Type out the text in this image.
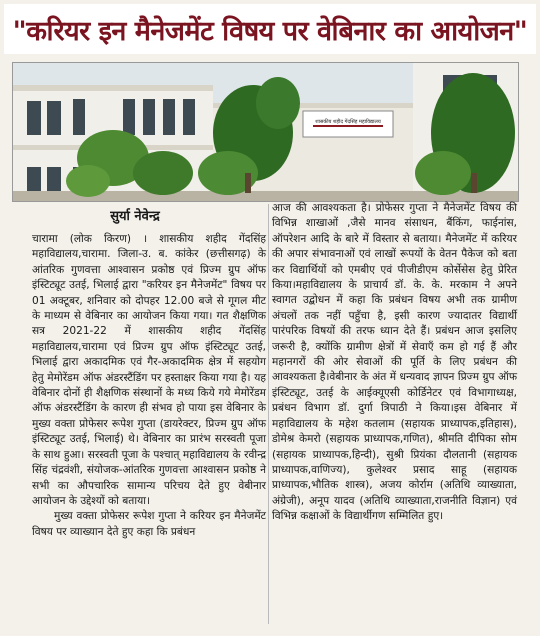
"करियर इन मैनेजमेंट विषय पर वेबिनार का आयोजन"
शासकीय शहीद गेंदसिंह महाविद्यालय
सुर्या नेवेन्द्र

चारामा (लोक किरण) । शासकीय शहीद गेंदसिंह महाविद्यालय,चारामा. जिला-उ. ब. कांकेर (छत्तीसगढ़) के आंतरिक गुणवत्ता आश्वासन प्रकोष्ठ एवं प्रिज्म ग्रुप ऑफ इंस्टिट्यूट उतई, भिलाई द्वारा "करियर इन मैनेजमेंट" विषय पर 01 अक्टूबर, शनिवार को दोपहर 12.00 बजे से गूगल मीट के माध्यम से वेबिनार का आयोजन किया गया। गत शैक्षणिक सत्र 2021-22 में शासकीय शहीद गेंदसिंह महाविद्यालय,चारामा एवं प्रिज्म ग्रुप ऑफ इंस्टिट्यूट उतई, भिलाई द्वारा अकादमिक एवं गैर-अकादमिक क्षेत्र में सहयोग हेतु मेमोरेंडम ऑफ अंडरस्टैंडिंग पर हस्ताक्षर किया गया है। यह वेबिनार दोनों ही शैक्षणिक संस्थानों के मध्य किये गये मेमोरेंडम ऑफ अंडरस्टैंडिंग के कारण ही संभव हो पाया इस वेबिनार के मुख्य वक्ता प्रोफेसर रूपेश गुप्ता (डायरेक्टर, प्रिज्म ग्रुप ऑफ इंस्टिट्यूट उतई, भिलाई) थे। वेबिनार का प्रारंभ सरस्वती पूजा के साथ हुआ। सरस्वती पूजा के पश्चात् महाविद्यालय के रवीन्द्र सिंह चंद्रवंशी, संयोजक-आंतरिक गुणवत्ता आश्वासन प्रकोष्ठ ने सभी का औपचारिक सामान्य परिचय देते हुए वेबीनार आयोजन के उद्देश्यों को बताया।

मुख्य वक्ता प्रोफेसर रूपेश गुप्ता ने करियर इन मैनेजमेंट विषय पर व्याख्यान देते हुए कहा कि प्रबंधन

आज की आवश्यकता है। प्रोफेसर गुप्ता ने मैनेजमेंट विषय की विभिन्न शाखाओं ,जैसे मानव संसाधन, बैंकिंग, फाईनांस, ऑपरेशन आदि के बारे में विस्तार से बताया। मैनेजमेंट में करियर की अपार संभावनाओं एवं लाखों रूपयों के वेतन पैकेज को बता कर विद्यार्थियों को एमबीए एवं पीजीडीएम कोर्सेसेस हेतु प्रेरित किया।महाविद्यालय के प्राचार्य डॉ. के. के. मरकाम ने अपने स्वागत उद्बोधन में कहा कि प्रबंधन विषय अभी तक ग्रामीण अंचलों तक नहीं पहुँचा है, इसी कारण ज्यादातर विद्यार्थी पारंपरिक विषयों की तरफ ध्यान देते हैं। प्रबंधन आज इसलिए जरूरी है, क्योंकि ग्रामीण क्षेत्रों में सेवाएँ कम हो गई हैं और महानगरों की ओर सेवाओं की पूर्ति के लिए प्रबंधन की आवश्यकता है।वेबीनार के अंत में धन्यवाद ज्ञापन प्रिज्म ग्रुप ऑफ इंस्टिट्यूट, उतई के आईक्यूएसी कोर्डिनेटर एवं विभागाध्यक्ष, प्रबंधन विभाग डॉ. दुर्गा त्रिपाठी ने किया।इस वेबिनार में महाविद्यालय के महेश कतलाम (सहायक प्राध्यापक,इतिहास), डोमेश्र केमरो (सहायक प्राध्यापक,गणित), श्रीमति दीपिका सोम (सहायक प्राध्यापक,हिन्दी), सुश्री प्रियंका दौलतानी (सहायक प्राध्यापक,वाणिज्य), कुलेश्वर प्रसाद साहू (सहायक प्राध्यापक,भौतिक शास्त्र), अजय कोर्राम (अतिथि व्याख्याता, अंग्रेजी), अनूप यादव (अतिथि व्याख्याता,राजनीति विज्ञान) एवं विभिन्न कक्षाओं के विद्यार्थीगण सम्मिलित हुए।
